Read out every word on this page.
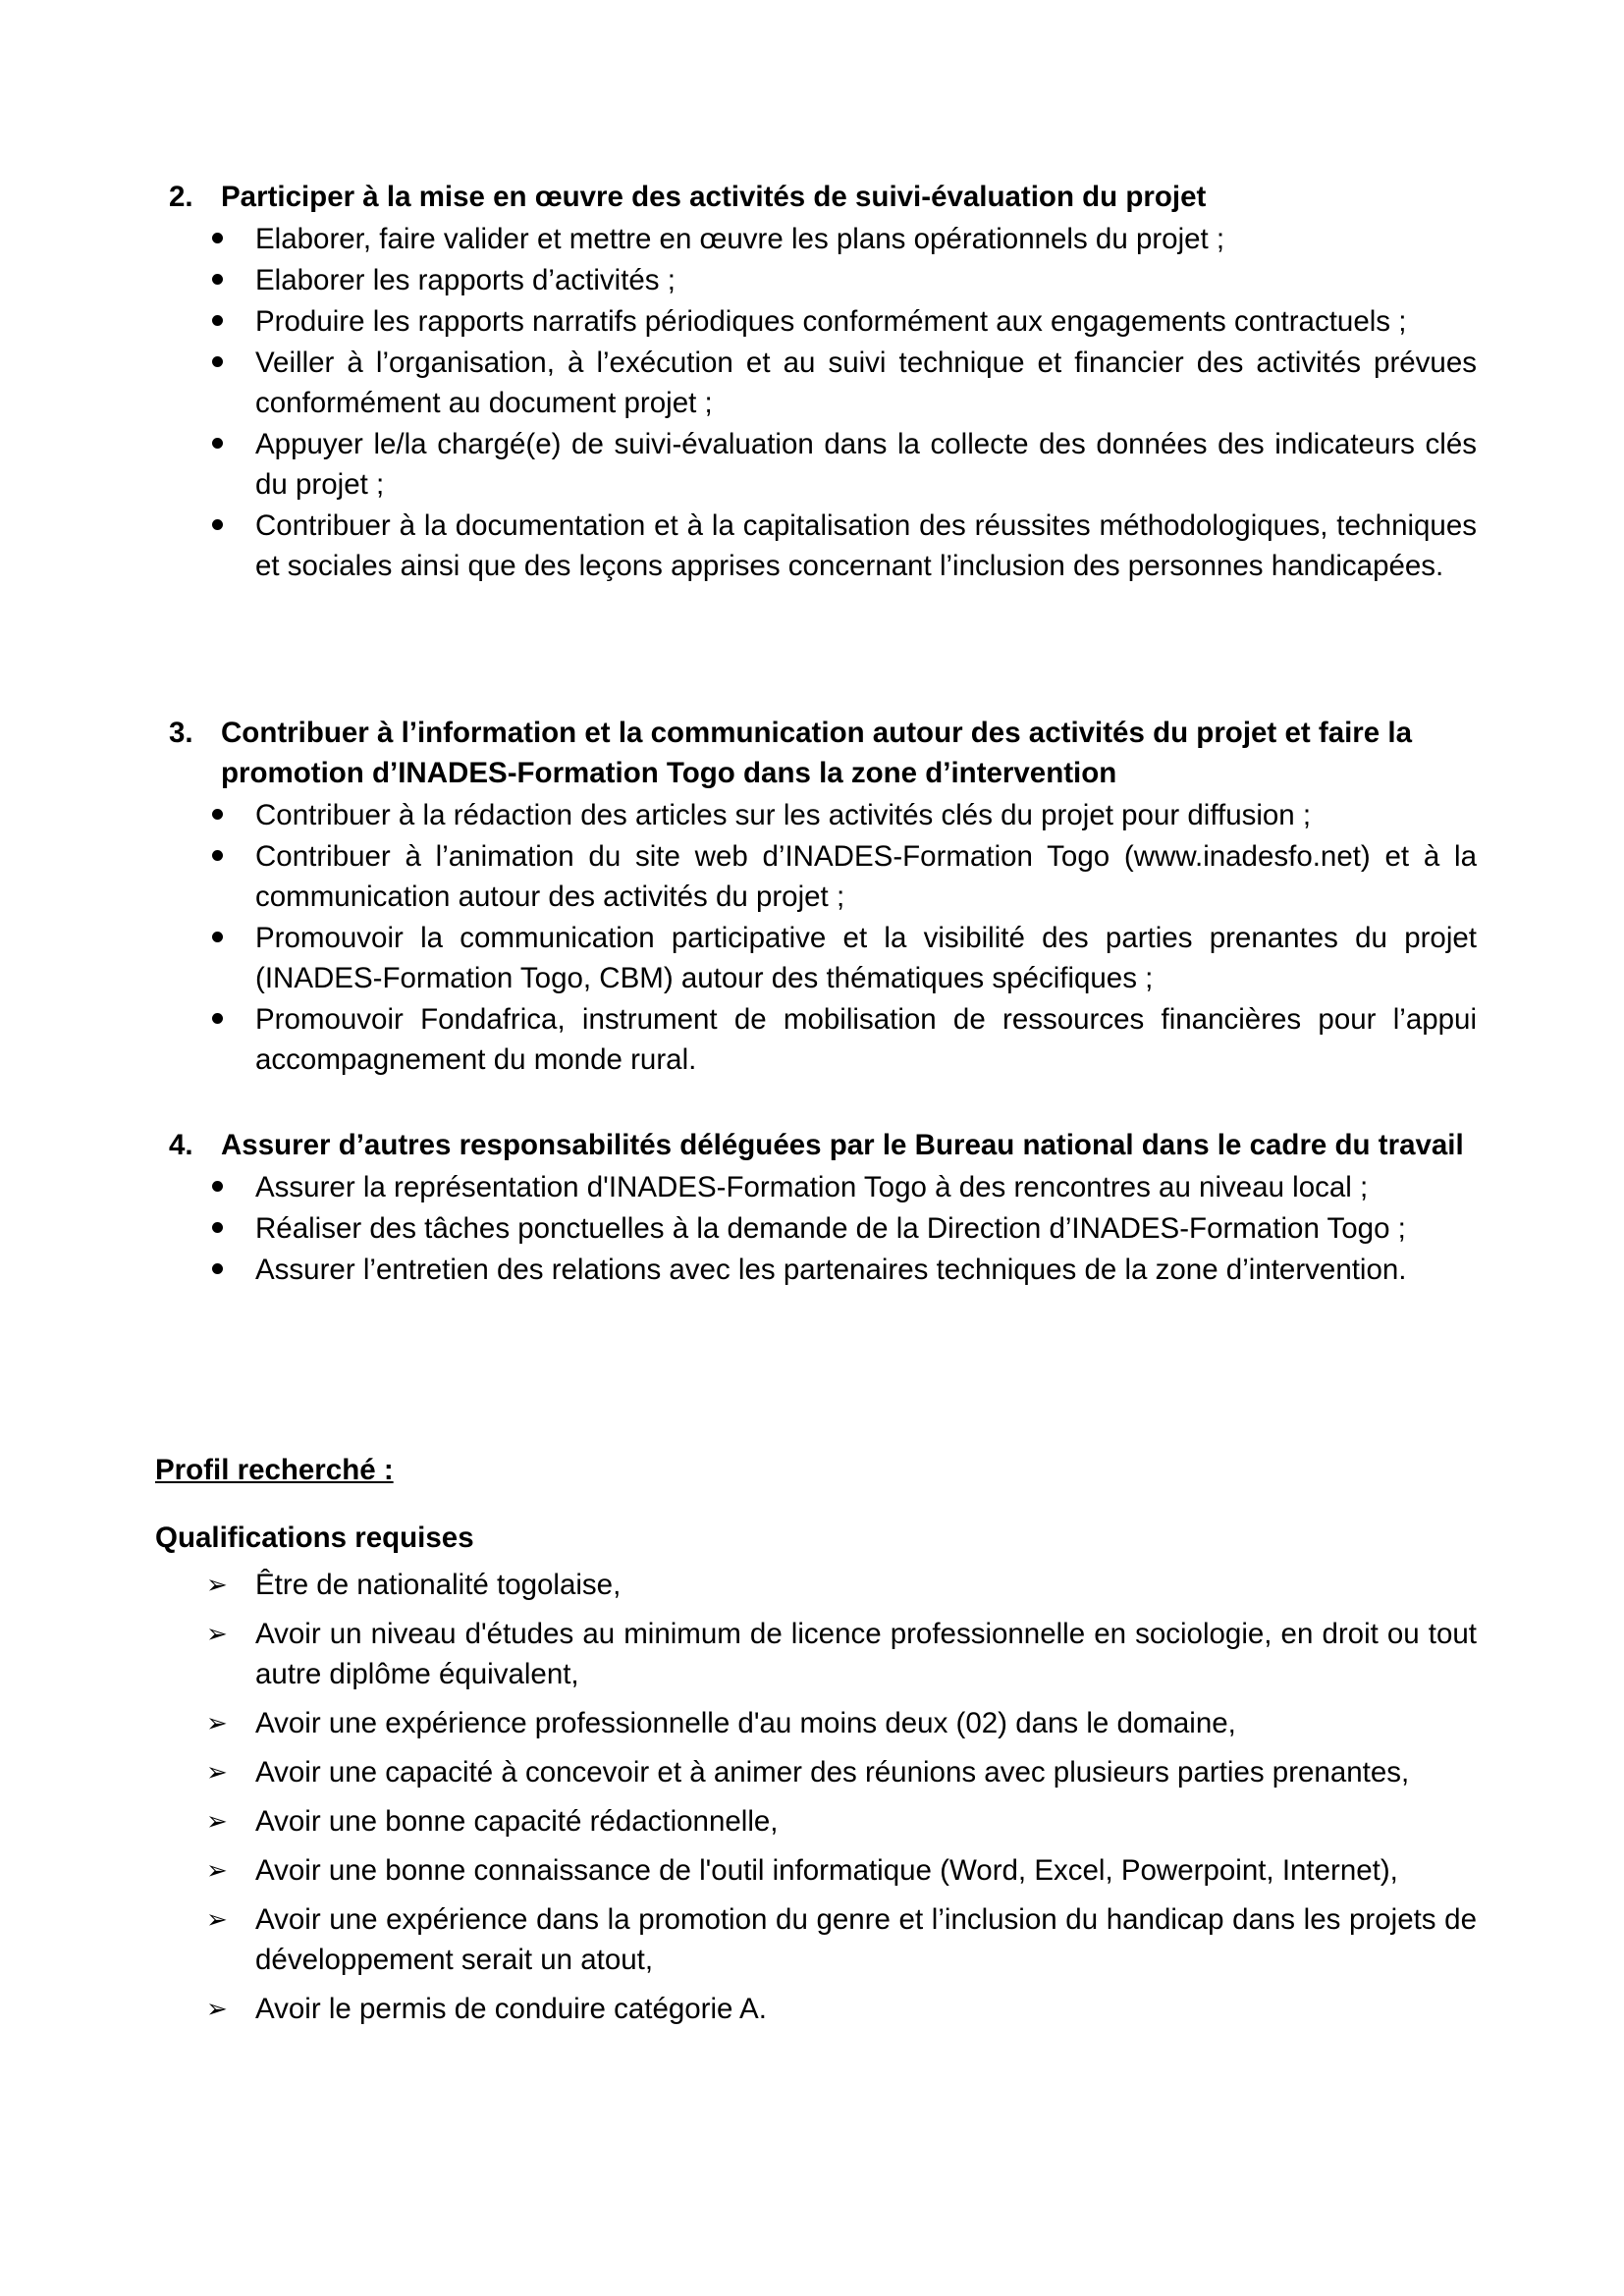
2. Participer à la mise en œuvre des activités de suivi-évaluation du projet
Elaborer, faire valider et mettre en œuvre les plans opérationnels du projet ;
Elaborer les rapports d’activités ;
Produire les rapports narratifs périodiques conformément aux engagements contractuels ;
Veiller à l’organisation, à l’exécution et au suivi technique et financier des activités prévues conformément au document projet ;
Appuyer le/la chargé(e) de suivi-évaluation dans la collecte des données des indicateurs clés du projet ;
Contribuer à la documentation et à la capitalisation des réussites méthodologiques, techniques et sociales ainsi que des leçons apprises concernant l’inclusion des personnes handicapées.
3. Contribuer à l’information et la communication autour des activités du projet et faire la promotion d’INADES-Formation Togo dans la zone d’intervention
Contribuer à la rédaction des articles sur les activités clés du projet pour diffusion ;
Contribuer à l’animation du site web d’INADES-Formation Togo (www.inadesfo.net) et à la communication autour des activités du projet ;
Promouvoir la communication participative et la visibilité des parties prenantes du projet (INADES-Formation Togo, CBM) autour des thématiques spécifiques ;
Promouvoir Fondafrica, instrument de mobilisation de ressources financières pour l’appui accompagnement du monde rural.
4. Assurer d’autres responsabilités déléguées par le Bureau national dans le cadre du travail
Assurer la représentation d'INADES-Formation Togo à des rencontres au niveau local ;
Réaliser des tâches ponctuelles à la demande de la Direction d’INADES-Formation Togo ;
Assurer l’entretien des relations avec les partenaires techniques de la zone d’intervention.
Profil recherché :
Qualifications requises
➢ Être de nationalité togolaise,
➢ Avoir un niveau d'études au minimum de licence professionnelle en sociologie, en droit ou tout autre diplôme équivalent,
➢ Avoir une expérience professionnelle d'au moins deux (02) dans le domaine,
➢ Avoir une capacité à concevoir et à animer des réunions avec plusieurs parties prenantes,
➢ Avoir une bonne capacité rédactionnelle,
➢ Avoir une bonne connaissance de l'outil informatique (Word, Excel, Powerpoint, Internet),
➢ Avoir une expérience dans la promotion du genre et l’inclusion du handicap dans les projets de développement serait un atout,
➢ Avoir le permis de conduire catégorie A.
